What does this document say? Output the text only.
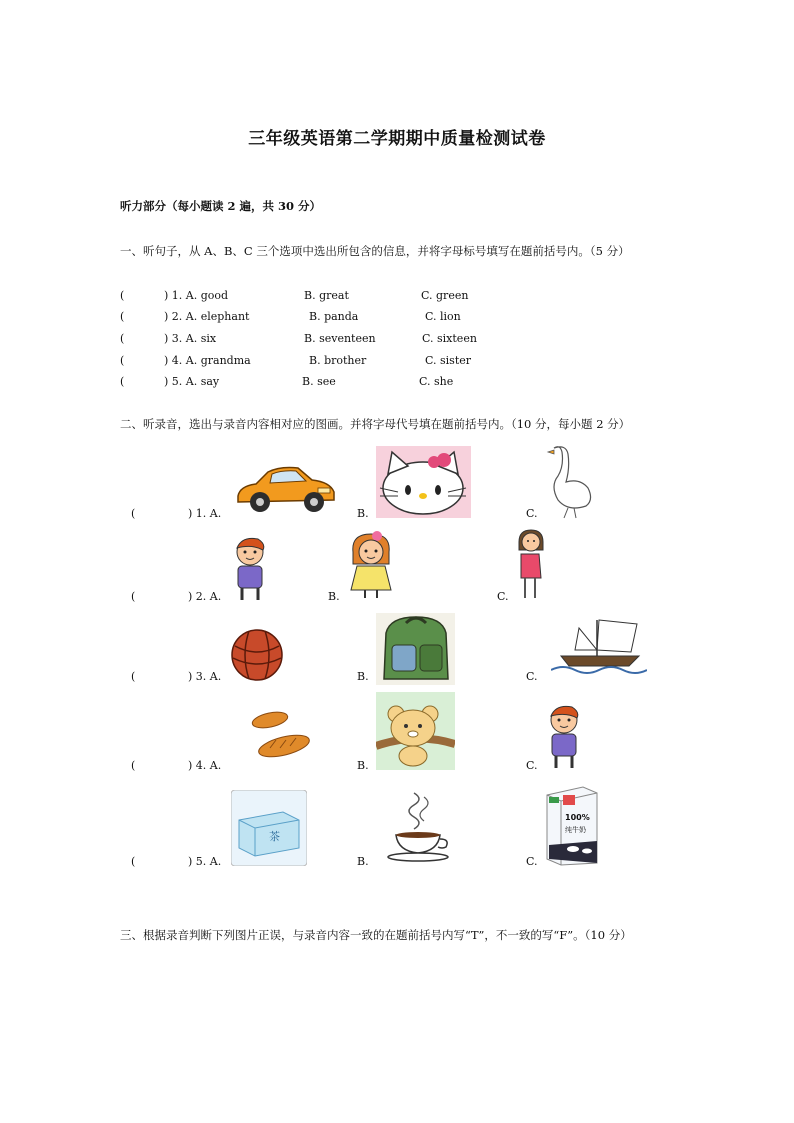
三年级英语第二学期期中质量检测试卷
听力部分（每小题读 2 遍，共 30 分）
一、听句子，从 A、B、C 三个选项中选出所包含的信息，并将字母标号填写在题前括号内。（5 分）
(	) 1. A. good	B. great	C. green
(	) 2. A. elephant	B. panda	C. lion
(	) 3. A. six	B. seventeen	C. sixteen
(	) 4. A. grandma	B. brother	C. sister
(	) 5. A. say	B. see	C. she
二、听录音，选出与录音内容相对应的图画。并将字母代号填在题前括号内。（10 分，每小题 2 分）
(	) 1. A.	B.	C.
(	) 2. A.	B.	C.
(	) 3. A.	B.	C.
(	) 4. A.	B.	C.
(	) 5. A.	B.	C.
茶
100%
纯牛奶
三、根据录音判断下列图片正误，与录音内容一致的在题前括号内写“T”，不一致的写“F”。（10 分）
